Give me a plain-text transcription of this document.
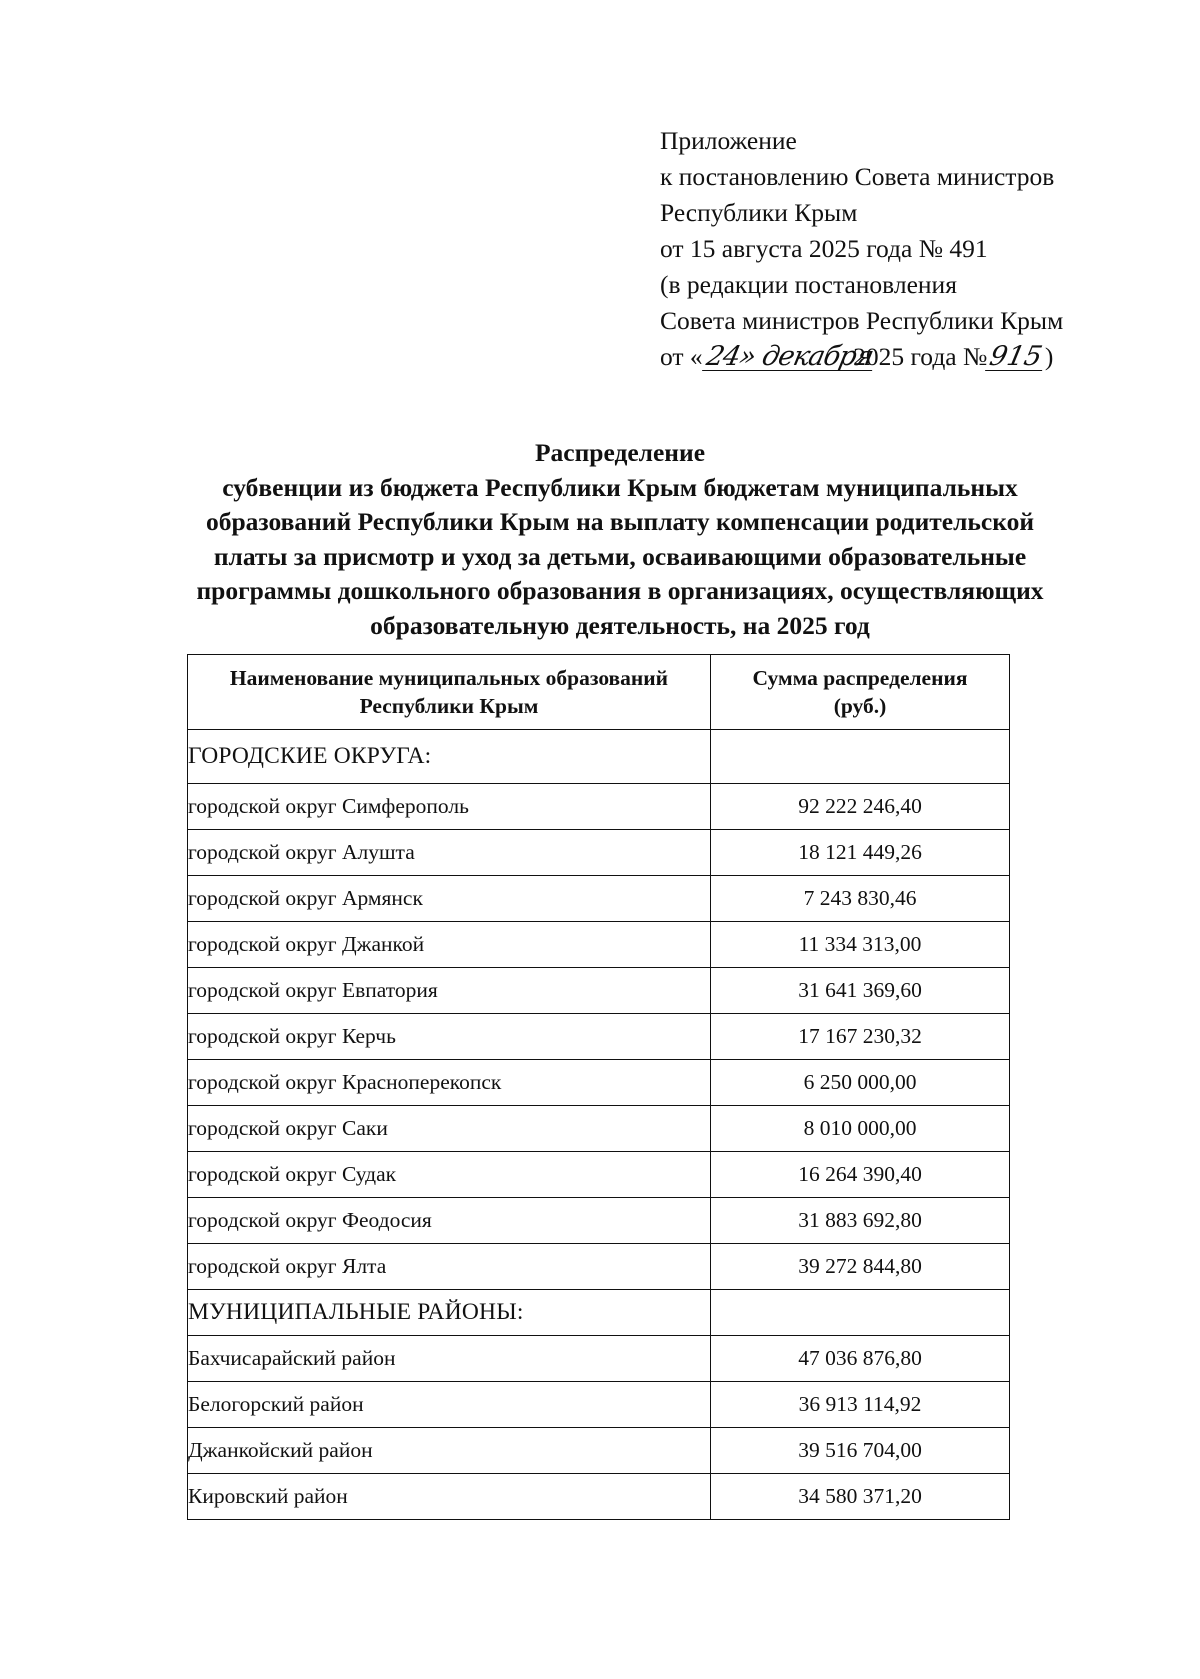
Приложение
к постановлению Совета министров
Республики Крым
от 15 августа 2025 года № 491
(в редакции постановления
Совета министров Республики Крым
от «24» декабря2025 года №915)
Распределение
субвенции из бюджета Республики Крым бюджетам муниципальных
образований Республики Крым на выплату компенсации родительской
платы за присмотр и уход за детьми, осваивающими образовательные
программы дошкольного образования в организациях, осуществляющих
образовательную деятельность, на 2025 год
Наименование муниципальных образований
Республики Крым	Сумма распределения
(руб.)

ГОРОДСКИЕ ОКРУГА:	
городской округ Симферополь	92 222 246,40
городской округ Алушта	18 121 449,26
городской округ Армянск	7 243 830,46
городской округ Джанкой	11 334 313,00
городской округ Евпатория	31 641 369,60
городской округ Керчь	17 167 230,32
городской округ Красноперекопск	6 250 000,00
городской округ Саки	8 010 000,00
городской округ Судак	16 264 390,40
городской округ Феодосия	31 883 692,80
городской округ Ялта	39 272 844,80
МУНИЦИПАЛЬНЫЕ РАЙОНЫ:	
Бахчисарайский район	47 036 876,80
Белогорский район	36 913 114,92
Джанкойский район	39 516 704,00
Кировский район	34 580 371,20
